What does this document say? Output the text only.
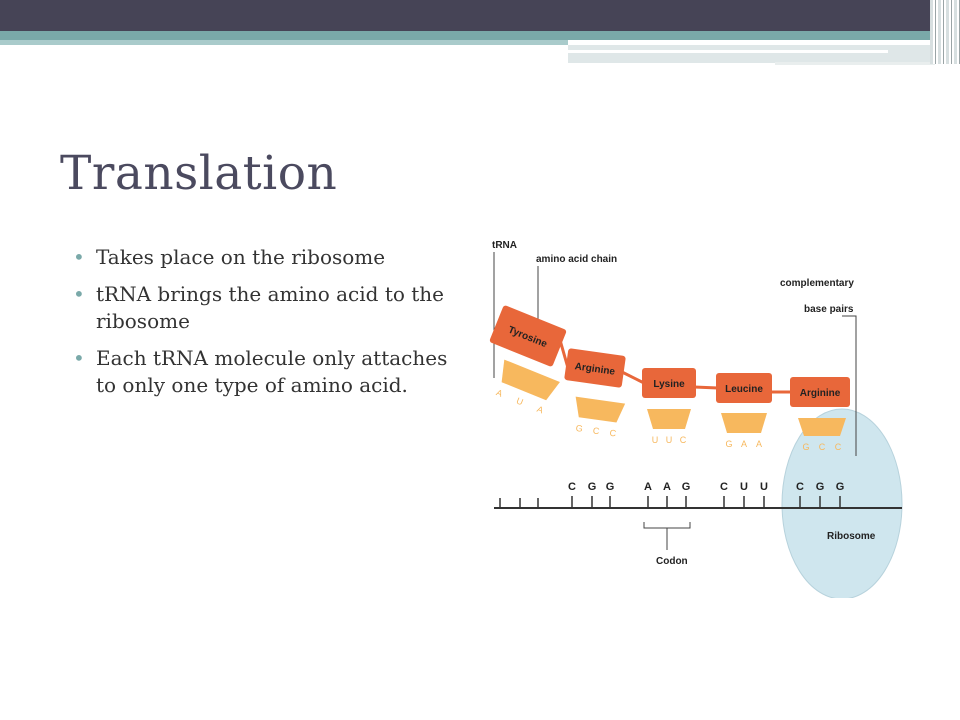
Translation
• Takes place on the ribosome
• tRNA brings the amino acid to the ribosome
• Each tRNA molecule only attaches to only one type of amino acid.
tRNA
amino acid chain
complementary
base pairs
Ribosome
Codon
Tyrosine
Arginine
Lysine	Leucine	Arginine
A
U
A
G C C
U U C	G A A	G C C
C G G	A A G	C U U	C G G
